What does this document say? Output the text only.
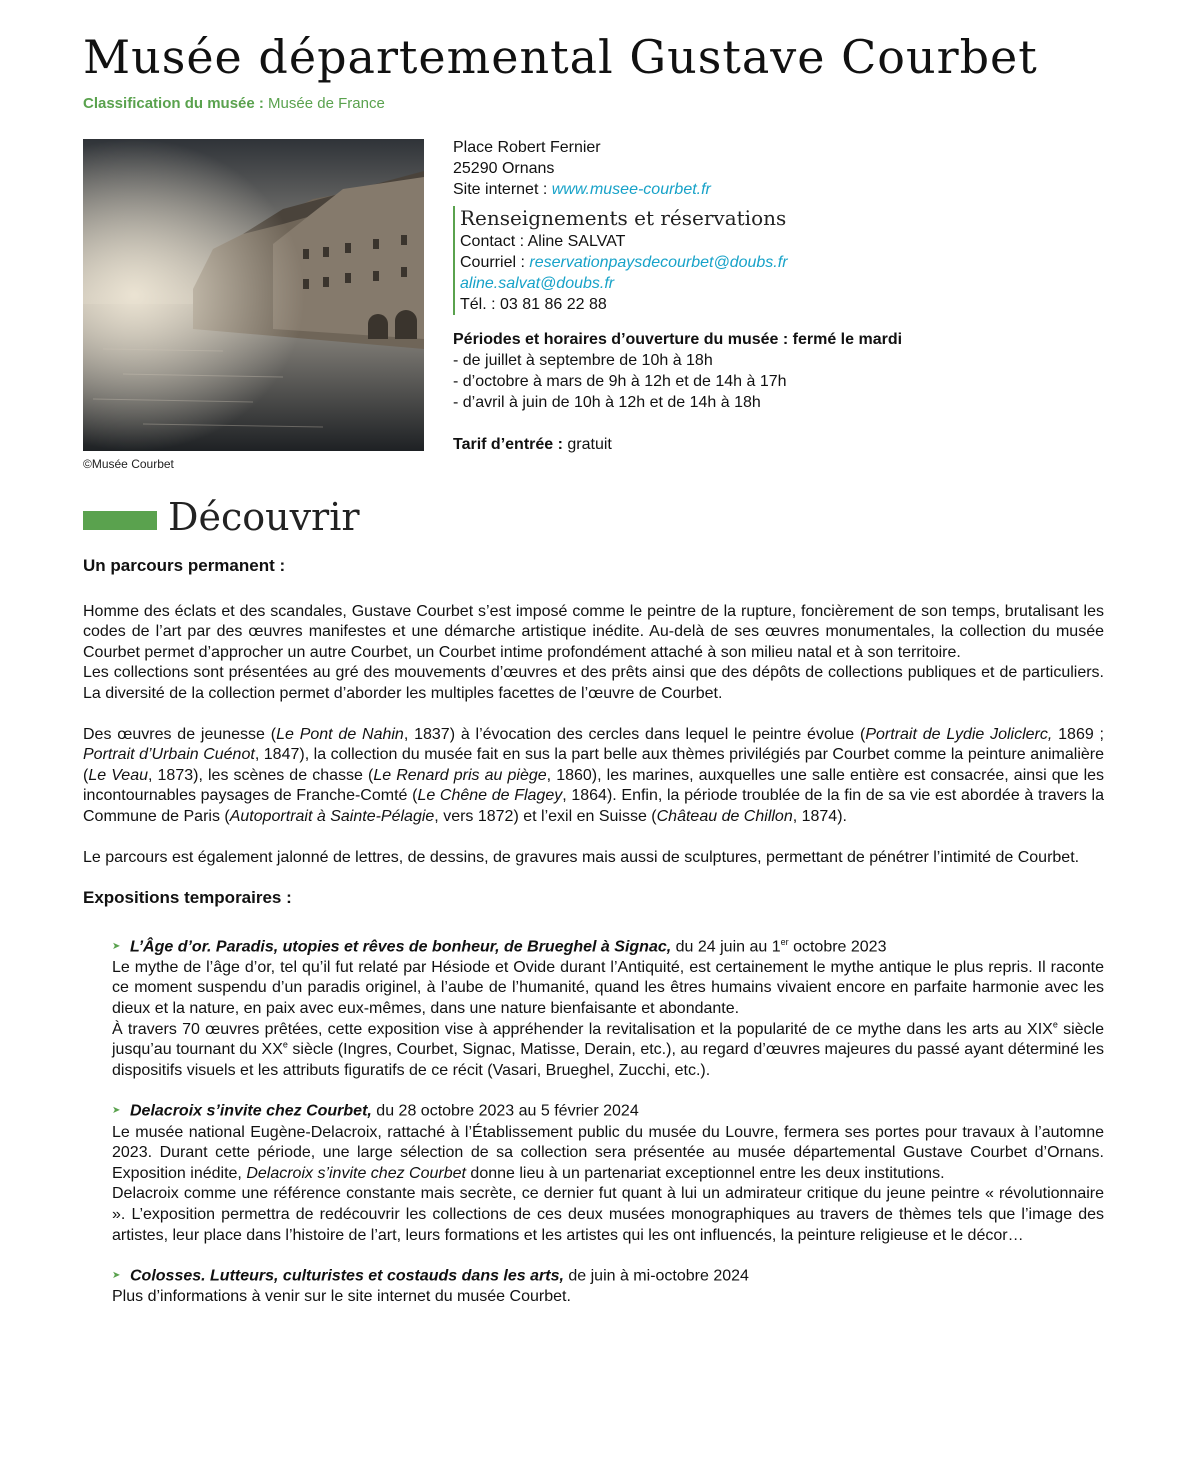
Musée départemental Gustave Courbet
Classification du musée : Musée de France
©Musée Courbet
Place Robert Fernier
25290 Ornans
Site internet : www.musee-courbet.fr
Renseignements et réservations
Contact : Aline SALVAT
Courriel : reservationpaysdecourbet@doubs.fr
aline.salvat@doubs.fr
Tél. : 03 81 86 22 88
Périodes et horaires d’ouverture du musée : fermé le mardi
- de juillet à septembre de 10h à 18h
- d’octobre à mars de 9h à 12h et de 14h à 17h
- d’avril à juin de 10h à 12h et de 14h à 18h
Tarif d’entrée : gratuit
Découvrir

Un parcours permanent :

Homme des éclats et des scandales, Gustave Courbet s’est imposé comme le peintre de la rupture, foncièrement de son temps, brutalisant les codes de l’art par des œuvres manifestes et une démarche artistique inédite. Au-delà de ses œuvres monumentales, la collection du musée Courbet permet d’approcher un autre Courbet, un Courbet intime profondément attaché à son milieu natal et à son territoire.

Les collections sont présentées au gré des mouvements d’œuvres et des prêts ainsi que des dépôts de collections publiques et de particuliers. La diversité de la collection permet d’aborder les multiples facettes de l’œuvre de Courbet.

Des œuvres de jeunesse (Le Pont de Nahin, 1837) à l’évocation des cercles dans lequel le peintre évolue (Portrait de Lydie Joliclerc, 1869 ; Portrait d’Urbain Cuénot, 1847), la collection du musée fait en sus la part belle aux thèmes privilégiés par Courbet comme la peinture animalière (Le Veau, 1873), les scènes de chasse (Le Renard pris au piège, 1860), les marines, auxquelles une salle entière est consacrée, ainsi que les incontournables paysages de Franche-Comté (Le Chêne de Flagey, 1864). Enfin, la période troublée de la fin de sa vie est abordée à travers la Commune de Paris (Autoportrait à Sainte-Pélagie, vers 1872) et l’exil en Suisse (Château de Chillon, 1874).

Le parcours est également jalonné de lettres, de dessins, de gravures mais aussi de sculptures, permettant de pénétrer l’intimité de Courbet.

Expositions temporaires :

➤ L’Âge d’or. Paradis, utopies et rêves de bonheur, de Brueghel à Signac, du 24 juin au 1er octobre 2023

Le mythe de l’âge d’or, tel qu’il fut relaté par Hésiode et Ovide durant l’Antiquité, est certainement le mythe antique le plus repris. Il raconte ce moment suspendu d’un paradis originel, à l’aube de l’humanité, quand les êtres humains vivaient encore en parfaite harmonie avec les dieux et la nature, en paix avec eux-mêmes, dans une nature bienfaisante et abondante.

À travers 70 œuvres prêtées, cette exposition vise à appréhender la revitalisation et la popularité de ce mythe dans les arts au XIXe siècle jusqu’au tournant du XXe siècle (Ingres, Courbet, Signac, Matisse, Derain, etc.), au regard d’œuvres majeures du passé ayant déterminé les dispositifs visuels et les attributs figuratifs de ce récit (Vasari, Brueghel, Zucchi, etc.).

➤ Delacroix s’invite chez Courbet, du 28 octobre 2023 au 5 février 2024

Le musée national Eugène-Delacroix, rattaché à l’Établissement public du musée du Louvre, fermera ses portes pour travaux à l’automne 2023. Durant cette période, une large sélection de sa collection sera présentée au musée départemental Gustave Courbet d’Ornans. Exposition inédite, Delacroix s’invite chez Courbet donne lieu à un partenariat exceptionnel entre les deux institutions.

Delacroix comme une référence constante mais secrète, ce dernier fut quant à lui un admirateur critique du jeune peintre « révolutionnaire ». L’exposition permettra de redécouvrir les collections de ces deux musées monographiques au travers de thèmes tels que l’image des artistes, leur place dans l’histoire de l’art, leurs formations et les artistes qui les ont influencés, la peinture religieuse et le décor…

➤ Colosses. Lutteurs, culturistes et costauds dans les arts, de juin à mi-octobre 2024

Plus d’informations à venir sur le site internet du musée Courbet.
